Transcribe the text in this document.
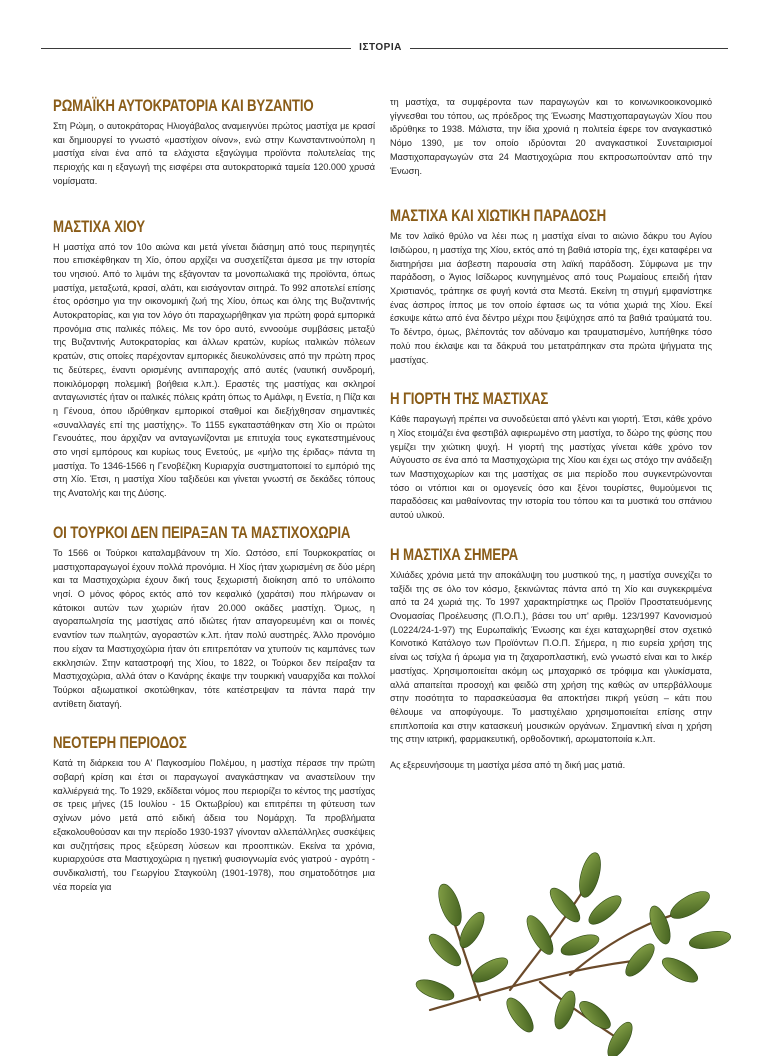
ΙΣΤΟΡΙΑ
ΡΩΜΑΪΚΗ ΑΥΤΟΚΡΑΤΟΡΙΑ ΚΑΙ ΒΥΖΑΝΤΙΟ

Στη Ρώμη, ο αυτοκράτορας Ηλιογάβαλος αναμειγνύει πρώτος μαστίχα με κρασί και δημιουργεί το γνωστό «μαστίχιον οίνον», ενώ στην Κωνσταντινούπολη η μαστίχα είναι ένα από τα ελάχιστα εξαγώγιμα προϊόντα πολυτελείας της περιοχής και η εξαγωγή της εισφέρει στα αυτοκρατορικά ταμεία 120.000 χρυσά νομίσματα.

ΜΑΣΤΙΧΑ ΧΙΟΥ

Η μαστίχα από τον 10ο αιώνα και μετά γίνεται διάσημη από τους περιηγητές που επισκέφθηκαν τη Χίο, όπου αρχίζει να συσχετίζεται άμεσα με την ιστορία του νησιού. Από το λιμάνι της εξάγονταν τα μονοπωλιακά της προϊόντα, όπως μαστίχα, μεταξωτά, κρασί, αλάτι, και εισάγονταν σιτηρά. Το 992 αποτελεί επίσης έτος ορόσημο για την οικονομική ζωή της Χίου, όπως και όλης της Βυζαντινής Αυτοκρατορίας, και για τον λόγο ότι παραχωρήθηκαν για πρώτη φορά εμπορικά προνόμια στις ιταλικές πόλεις. Με τον όρο αυτό, εννοούμε συμβάσεις μεταξύ της Βυζαντινής Αυτοκρατορίας και άλλων κρατών, κυρίως ιταλικών πόλεων κρατών, στις οποίες παρέχονταν εμπορικές διευκολύνσεις από την πρώτη προς τις δεύτερες, έναντι ορισμένης αντιπαροχής από αυτές (ναυτική συνδρομή, ποικιλόμορφη πολεμική βοήθεια κ.λπ.). Εραστές της μαστίχας και σκληροί ανταγωνιστές ήταν οι ιταλικές πόλεις κράτη όπως το Αμάλφι, η Ενετία, η Πίζα και η Γένουα, όπου ιδρύθηκαν εμπορικοί σταθμοί και διεξήχθησαν σημαντικές «συναλλαγές επί της μαστίχης». Το 1155 εγκαταστάθηκαν στη Χίο οι πρώτοι Γενουάτες, που άρχιζαν να ανταγωνίζονται με επιτυχία τους εγκατεστημένους στο νησί εμπόρους και κυρίως τους Ενετούς, με «μήλο της έριδας» πάντα τη μαστίχα. Το 1346-1566 η Γενοβέζικη Κυριαρχία συστηματοποιεί το εμπόριό της στη Χίο. Έτσι, η μαστίχα Χίου ταξιδεύει και γίνεται γνωστή σε δεκάδες τόπους της Ανατολής και της Δύσης.

ΟΙ ΤΟΥΡΚΟΙ ΔΕΝ ΠΕΙΡΑΞΑΝ ΤΑ ΜΑΣΤΙΧΟΧΩΡΙΑ

Το 1566 οι Τούρκοι καταλαμβάνουν τη Χίο. Ωστόσο, επί Τουρκοκρατίας οι μαστιχοπαραγωγοί έχουν πολλά προνόμια. Η Χίος ήταν χωρισμένη σε δύο μέρη και τα Μαστιχοχώρια έχουν δική τους ξεχωριστή διοίκηση από το υπόλοιπο νησί. Ο μόνος φόρος εκτός από τον κεφαλικό (χαράτσι) που πλήρωναν οι κάτοικοι αυτών των χωριών ήταν 20.000 οκάδες μαστίχη. Όμως, η αγοραπωλησία της μαστίχας από ιδιώτες ήταν απαγορευμένη και οι ποινές εναντίον των πωλητών, αγοραστών κ.λπ. ήταν πολύ αυστηρές. Άλλο προνόμιο που είχαν τα Μαστιχοχώρια ήταν ότι επιτρεπόταν να χτυπούν τις καμπάνες των εκκλησιών. Στην καταστροφή της Χίου, το 1822, οι Τούρκοι δεν πείραξαν τα Μαστιχοχώρια, αλλά όταν ο Κανάρης έκαψε την τουρκική ναυαρχίδα και πολλοί Τούρκοι αξιωματικοί σκοτώθηκαν, τότε κατέστρεψαν τα πάντα παρά την αντίθετη διαταγή.

ΝΕΟΤΕΡΗ ΠΕΡΙΟΔΟΣ

Κατά τη διάρκεια του Α' Παγκοσμίου Πολέμου, η μαστίχα πέρασε την πρώτη σοβαρή κρίση και έτσι οι παραγωγοί αναγκάστηκαν να αναστείλουν την καλλιέργειά της. Το 1929, εκδίδεται νόμος που περιορίζει το κέντος της μαστίχας σε τρεις μήνες (15 Ιουλίου - 15 Οκτωβρίου) και επιτρέπει τη φύτευση των σχίνων μόνο μετά από ειδική άδεια του Νομάρχη. Τα προβλήματα εξακολουθούσαν και την περίοδο 1930-1937 γίνονταν αλλεπάλληλες συσκέψεις και συζητήσεις προς εξεύρεση λύσεων και προοπτικών. Εκείνα τα χρόνια, κυριαρχούσε στα Μαστιχοχώρια η ηγετική φυσιογνωμία ενός γιατρού - αγρότη - συνδικαλιστή, του Γεωργίου Σταγκούλη (1901-1978), που σηματοδότησε μια νέα πορεία για

τη μαστίχα, τα συμφέροντα των παραγωγών και το κοινωνικοοικονομικό γίγνεσθαι του τόπου, ως πρόεδρος της Ένωσης Μαστιχοπαραγωγών Χίου που ιδρύθηκε το 1938. Μάλιστα, την ίδια χρονιά η πολιτεία έφερε τον αναγκαστικό Νόμο 1390, με τον οποίο ιδρύονται 20 αναγκαστικοί Συνεταιρισμοί Μαστιχοπαραγωγών στα 24 Μαστιχοχώρια που εκπροσωπούνταν από την Ένωση.

ΜΑΣΤΙΧΑ ΚΑΙ ΧΙΩΤΙΚΗ ΠΑΡΑΔΟΣΗ

Με τον λαϊκό θρύλο να λέει πως η μαστίχα είναι το αιώνιο δάκρυ του Αγίου Ισιδώρου, η μαστίχα της Χίου, εκτός από τη βαθιά ιστορία της, έχει καταφέρει να διατηρήσει μια άσβεστη παρουσία στη λαϊκή παράδοση. Σύμφωνα με την παράδοση, ο Άγιος Ισίδωρος κυνηγημένος από τους Ρωμαίους επειδή ήταν Χριστιανός, τράπηκε σε φυγή κοντά στα Μεστά. Εκείνη τη στιγμή εμφανίστηκε ένας άσπρος ίππος με τον οποίο έφτασε ως τα νότια χωριά της Χίου. Εκεί έσκυψε κάτω από ένα δέντρο μέχρι που ξεψύχησε από τα βαθιά τραύματά του. Το δέντρο, όμως, βλέποντάς τον αδύναμο και τραυματισμένο, λυπήθηκε τόσο πολύ που έκλαψε και τα δάκρυά του μετατράπηκαν στα πρώτα ψήγματα της μαστίχας.

Η ΓΙΟΡΤΗ ΤΗΣ ΜΑΣΤΙΧΑΣ

Κάθε παραγωγή πρέπει να συνοδεύεται από γλέντι και γιορτή. Έτσι, κάθε χρόνο η Χίος ετοιμάζει ένα φεστιβάλ αφιερωμένο στη μαστίχα, το δώρο της φύσης που γεμίζει την χιώτικη ψυχή. Η γιορτή της μαστίχας γίνεται κάθε χρόνο τον Αύγουστο σε ένα από τα Μαστιχοχώρια της Χίου και έχει ως στόχο την ανάδειξη των Μαστιχοχωρίων και της μαστίχας σε μια περίοδο που συγκεντρώνονται τόσο οι ντόπιοι και οι ομογενείς όσο και ξένοι τουρίστες, θυμούμενοι τις παραδόσεις και μαθαίνοντας την ιστορία του τόπου και τα μυστικά του σπάνιου αυτού υλικού.

Η ΜΑΣΤΙΧΑ ΣΗΜΕΡΑ

Χιλιάδες χρόνια μετά την αποκάλυψη του μυστικού της, η μαστίχα συνεχίζει το ταξίδι της σε όλο τον κόσμο, ξεκινώντας πάντα από τη Χίο και συγκεκριμένα από τα 24 χωριά της. Το 1997 χαρακτηρίστηκε ως Προϊόν Προστατευόμενης Ονομασίας Προέλευσης (Π.Ο.Π.), βάσει του υπ' αριθμ. 123/1997 Κανονισμού (L0224/24-1-97) της Ευρωπαϊκής Ένωσης και έχει καταχωρηθεί στον σχετικό Κοινοτικό Κατάλογο των Προϊόντων Π.Ο.Π. Σήμερα, η πιο ευρεία χρήση της είναι ως τσίχλα ή άρωμα για τη ζαχαροπλαστική, ενώ γνωστό είναι και το λικέρ μαστίχας. Χρησιμοποιείται ακόμη ως μπαχαρικό σε τρόφιμα και γλυκίσματα, αλλά απαιτείται προσοχή και φειδώ στη χρήση της καθώς αν υπερβάλλουμε στην ποσότητα το παρασκεύασμα θα αποκτήσει πικρή γεύση – κάτι που θέλουμε να αποφύγουμε. Το μαστιχέλαιο χρησιμοποιείται επίσης στην επιπλοποιία και στην κατασκευή μουσικών οργάνων. Σημαντική είναι η χρήση της στην ιατρική, φαρμακευτική, ορθοδοντική, αρωματοποιία κ.λπ.

Ας εξερευνήσουμε τη μαστίχα μέσα από τη δική μας ματιά.
